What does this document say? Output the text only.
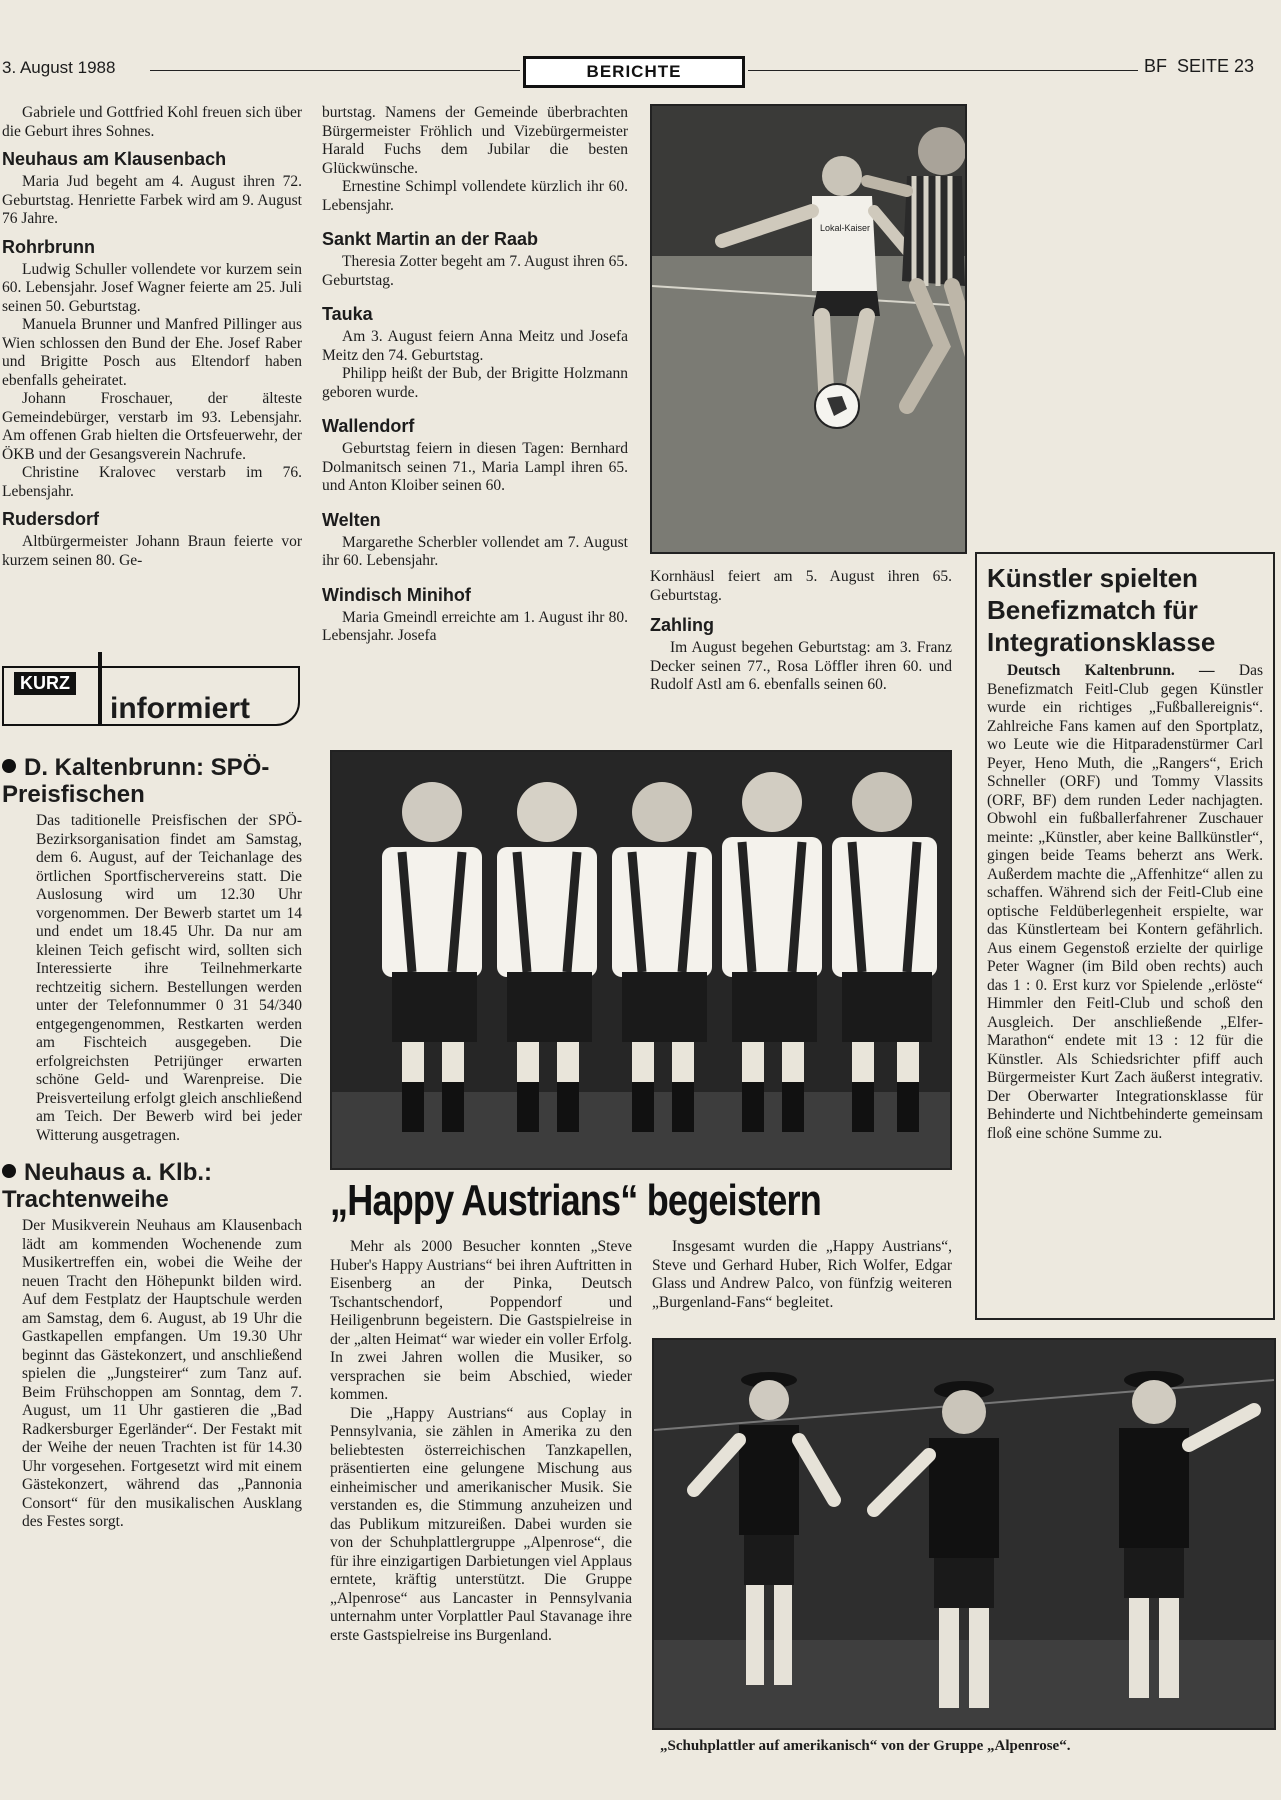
3. August 1988	BERICHTE	BF  SEITE 23

Gabriele und Gottfried Kohl freuen sich über die Geburt ihres Sohnes.

Neuhaus am Klausenbach

Maria Jud begeht am 4. August ihren 72. Geburtstag. Henriette Farbek wird am 9. August 76 Jahre.

Rohrbrunn

Ludwig Schuller vollendete vor kurzem sein 60. Lebensjahr. Josef Wagner feierte am 25. Juli seinen 50. Geburtstag.

Manuela Brunner und Manfred Pillinger aus Wien schlossen den Bund der Ehe. Josef Raber und Brigitte Posch aus Eltendorf haben ebenfalls geheiratet.

Johann Froschauer, der älteste Gemeindebürger, verstarb im 93. Lebensjahr. Am offenen Grab hielten die Ortsfeuerwehr, der ÖKB und der Gesangsverein Nachrufe.

Christine Kralovec verstarb im 76. Lebensjahr.

Rudersdorf

Altbürgermeister Johann Braun feierte vor kurzem seinen 80. Ge-

burtstag. Namens der Gemeinde überbrachten Bürgermeister Fröhlich und Vizebürgermeister Harald Fuchs dem Jubilar die besten Glückwünsche.

Ernestine Schimpl vollendete kürzlich ihr 60. Lebensjahr.

Sankt Martin an der Raab

Theresia Zotter begeht am 7. August ihren 65. Geburtstag.

Tauka

Am 3. August feiern Anna Meitz und Josefa Meitz den 74. Geburtstag.

Philipp heißt der Bub, der Brigitte Holzmann geboren wurde.

Wallendorf

Geburtstag feiern in diesen Tagen: Bernhard Dolmanitsch seinen 71., Maria Lampl ihren 65. und Anton Kloiber seinen 60.

Welten

Margarethe Scherbler vollendet am 7. August ihr 60. Lebensjahr.

Windisch Minihof

Maria Gmeindl erreichte am 1. August ihr 80. Lebensjahr. Josefa

Lokal-Kaiser

Kornhäusl feiert am 5. August ihren 65. Geburtstag.

Zahling

Im August begehen Geburtstag: am 3. Franz Decker seinen 77., Rosa Löffler ihren 60. und Rudolf Astl am 6. ebenfalls seinen 60.

Künstler spielten Benefizmatch für Integrationsklasse

Deutsch Kaltenbrunn. — Das Benefizmatch Feitl-Club gegen Künstler wurde ein richtiges „Fußballereignis“. Zahlreiche Fans kamen auf den Sportplatz, wo Leute wie die Hitparadenstürmer Carl Peyer, Heno Muth, die „Rangers“, Erich Schneller (ORF) und Tommy Vlassits (ORF, BF) dem runden Leder nachjagten. Obwohl ein fußballerfahrener Zuschauer meinte: „Künstler, aber keine Ballkünstler“, gingen beide Teams beherzt ans Werk. Außerdem machte die „Affenhitze“ allen zu schaffen. Während sich der Feitl-Club eine optische Feldüberlegenheit erspielte, war das Künstlerteam bei Kontern gefährlich. Aus einem Gegenstoß erzielte der quirlige Peter Wagner (im Bild oben rechts) auch das 1 : 0. Erst kurz vor Spielende „erlöste“ Himmler den Feitl-Club und schoß den Ausgleich. Der anschließende „Elfer-Marathon“ endete mit 13 : 12 für die Künstler. Als Schiedsrichter pfiff auch Bürgermeister Kurt Zach äußerst integrativ. Der Oberwarter Integrationsklasse für Behinderte und Nichtbehinderte gemeinsam floß eine schöne Summe zu.

KURZ
informiert
D. Kaltenbrunn: SPÖ-Preisfischen

Das taditionelle Preisfischen der SPÖ-Bezirksorganisation findet am Samstag, dem 6. August, auf der Teichanlage des örtlichen Sportfischervereins statt. Die Auslosung wird um 12.30 Uhr vorgenommen. Der Bewerb startet um 14 und endet um 18.45 Uhr. Da nur am kleinen Teich gefischt wird, sollten sich Interessierte ihre Teilnehmerkarte rechtzeitig sichern. Bestellungen werden unter der Telefonnummer 0 31 54/340 entgegengenommen, Restkarten werden am Fischteich ausgegeben. Die erfolgreichsten Petrijünger erwarten schöne Geld- und Warenpreise. Die Preisverteilung erfolgt gleich anschließend am Teich. Der Bewerb wird bei jeder Witterung ausgetragen.

Neuhaus a. Klb.: Trachtenweihe

Der Musikverein Neuhaus am Klausenbach lädt am kommenden Wochenende zum Musikertreffen ein, wobei die Weihe der neuen Tracht den Höhepunkt bilden wird. Auf dem Festplatz der Hauptschule werden am Samstag, dem 6. August, ab 19 Uhr die Gastkapellen empfangen. Um 19.30 Uhr beginnt das Gästekonzert, und anschließend spielen die „Jungsteirer“ zum Tanz auf. Beim Frühschoppen am Sonntag, dem 7. August, um 11 Uhr gastieren die „Bad Radkersburger Egerländer“. Der Festakt mit der Weihe der neuen Trachten ist für 14.30 Uhr vorgesehen. Fortgesetzt wird mit einem Gästekonzert, während das „Pannonia Consort“ für den musikalischen Ausklang des Festes sorgt.

„Happy Austrians“ begeistern

Mehr als 2000 Besucher konnten „Steve Huber's Happy Austrians“ bei ihren Auftritten in Eisenberg an der Pinka, Deutsch Tschantschendorf, Poppendorf und Heiligenbrunn begeistern. Die Gastspielreise in der „alten Heimat“ war wieder ein voller Erfolg. In zwei Jahren wollen die Musiker, so versprachen sie beim Abschied, wieder kommen.

Die „Happy Austrians“ aus Coplay in Pennsylvania, sie zählen in Amerika zu den beliebtesten österreichischen Tanzkapellen, präsentierten eine gelungene Mischung aus einheimischer und amerikanischer Musik. Sie verstanden es, die Stimmung anzuheizen und das Publikum mitzureißen. Dabei wurden sie von der Schuhplattlergruppe „Alpenrose“, die für ihre einzigartigen Darbietungen viel Applaus erntete, kräftig unterstützt. Die Gruppe „Alpenrose“ aus Lancaster in Pennsylvania unternahm unter Vorplattler Paul Stavanage ihre erste Gastspielreise ins Burgenland.

Insgesamt wurden die „Happy Austrians“, Steve und Gerhard Huber, Rich Wolfer, Edgar Glass und Andrew Palco, von fünfzig weiteren „Burgenland-Fans“ begleitet.

„Schuhplattler auf amerikanisch“ von der Gruppe „Alpenrose“.
